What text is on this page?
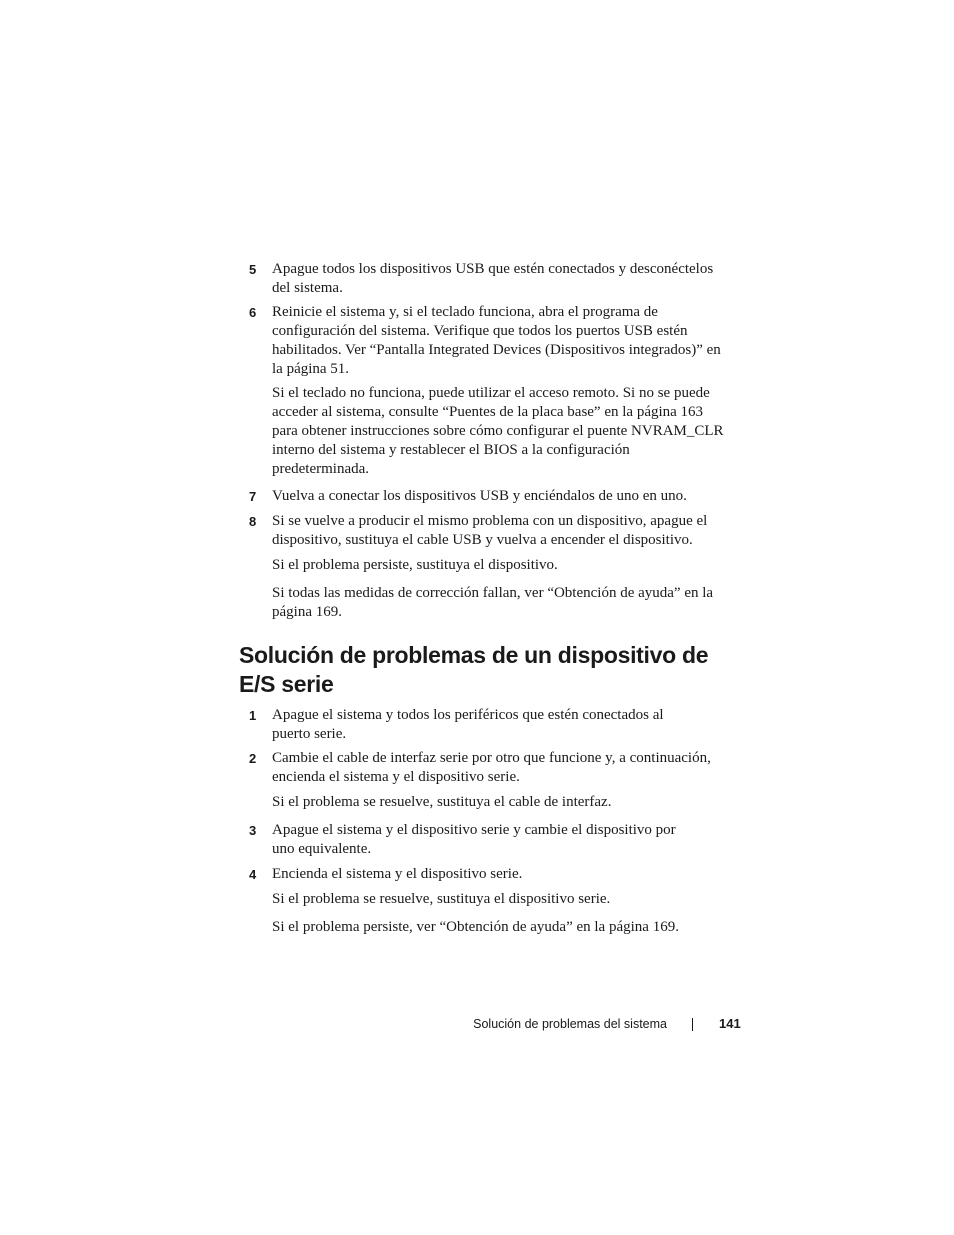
5 Apague todos los dispositivos USB que estén conectados y desconéctelos
del sistema.
6 Reinicie el sistema y, si el teclado funciona, abra el programa de
configuración del sistema. Verifique que todos los puertos USB estén
habilitados. Ver “Pantalla Integrated Devices (Dispositivos integrados)” en
la página 51.
Si el teclado no funciona, puede utilizar el acceso remoto. Si no se puede
acceder al sistema, consulte “Puentes de la placa base” en la página 163
para obtener instrucciones sobre cómo configurar el puente NVRAM_CLR
interno del sistema y restablecer el BIOS a la configuración
predeterminada.
7 Vuelva a conectar los dispositivos USB y enciéndalos de uno en uno.
8 Si se vuelve a producir el mismo problema con un dispositivo, apague el
dispositivo, sustituya el cable USB y vuelva a encender el dispositivo.
Si el problema persiste, sustituya el dispositivo.
Si todas las medidas de corrección fallan, ver “Obtención de ayuda” en la
página 169.
Solución de problemas de un dispositivo de
E/S serie
1 Apague el sistema y todos los periféricos que estén conectados al
puerto serie.
2 Cambie el cable de interfaz serie por otro que funcione y, a continuación,
encienda el sistema y el dispositivo serie.
Si el problema se resuelve, sustituya el cable de interfaz.
3 Apague el sistema y el dispositivo serie y cambie el dispositivo por
uno equivalente.
4 Encienda el sistema y el dispositivo serie.
Si el problema se resuelve, sustituya el dispositivo serie.
Si el problema persiste, ver “Obtención de ayuda” en la página 169.
Solución de problemas del sistema	141
